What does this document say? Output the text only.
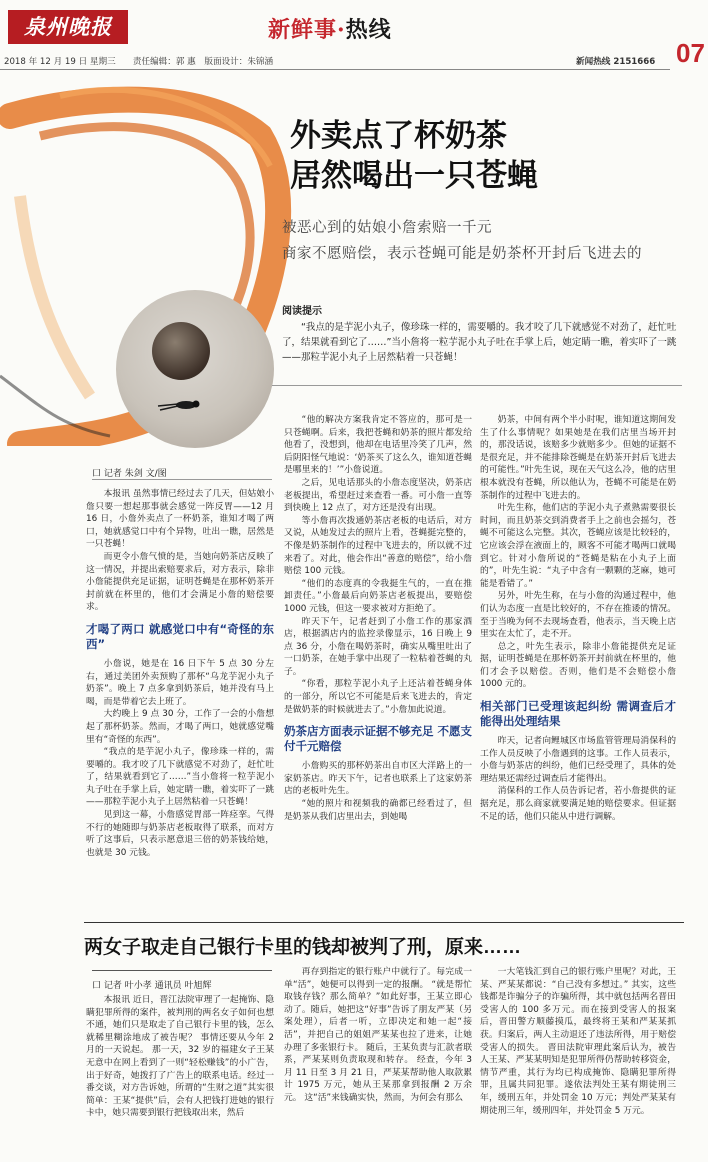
泉州晚报	新鲜事·热线
07
2018 年 12 月 19 日 星期三　　责任编辑：郭 惠　版面设计：朱锦涵	新闻热线 2151666
外卖点了杯奶茶
居然喝出一只苍蝇
被恶心到的姑娘小詹索赔一千元
商家不愿赔偿，表示苍蝇可能是奶茶杯开封后飞进去的
阅读提示
“我点的是芋泥小丸子，像珍珠一样的，需要嚼的。我才咬了几下就感觉不对劲了，赶忙吐了，结果就看到它了……”当小詹将一粒芋泥小丸子吐在手掌上后，她定睛一瞧，着实吓了一跳——那粒芋泥小丸子上居然粘着一只苍蝇！
口 记者 朱剑 文/图

本报讯 虽然事情已经过去了几天，但姑娘小詹只要一想起那事就会感觉一阵反胃——12 月 16 日，小詹外卖点了一杯奶茶，谁知才喝了两口，她就感觉口中有个异物，吐出一瞧，居然是一只苍蝇！

而更令小詹气愤的是，当她向奶茶店反映了这一情况，并提出索赔要求后，对方表示，除非小詹能提供充足证据，证明苍蝇是在那杯奶茶开封前就在杯里的，他们才会满足小詹的赔偿要求。

才喝了两口 就感觉口中有“奇怪的东西”

小詹说，她是在 16 日下午 5 点 30 分左右，通过美团外卖预购了那杯“乌龙芋泥小丸子奶茶”。晚上 7 点多拿到奶茶后，她并没有马上喝，而是带着它去上班了。

大约晚上 9 点 30 分，工作了一会的小詹想起了那杯奶茶。然而，才喝了两口，她就感觉嘴里有“奇怪的东西”。

“我点的是芋泥小丸子，像珍珠一样的，需要嚼的。我才咬了几下就感觉不对劲了，赶忙吐了，结果就看到它了……”当小詹将一粒芋泥小丸子吐在手掌上后，她定睛一瞧，着实吓了一跳——那粒芋泥小丸子上居然粘着一只苍蝇！

见到这一幕，小詹感觉胃部一阵痉挛。气得不行的她随即与奶茶店老板取得了联系，而对方听了这事后，只表示愿意退三倍的奶茶钱给她，也就是 30 元钱。

“他的解决方案我肯定不答应的，那可是一只苍蝇啊。后来，我把苍蝇和奶茶的照片都发给他看了，没想到，他却在电话里冷笑了几声，然后阴阳怪气地说：‘奶茶买了这么久，谁知道苍蝇是哪里来的！’”小詹说道。

之后，见电话那头的小詹态度坚决，奶茶店老板提出，希望赶过来查看一番。可小詹一直等到快晚上 12 点了，对方还是没有出现。

等小詹再次拨通奶茶店老板的电话后，对方又说，从她发过去的照片上看，苍蝇挺完整的，不像是奶茶制作的过程中飞进去的，所以就不过来看了。对此，他会作出“善意的赔偿”，给小詹赔偿 100 元钱。

“他们的态度真的令我挺生气的，一直在推卸责任。”小詹最后向奶茶店老板提出，要赔偿 1000 元钱，但这一要求被对方拒绝了。

昨天下午，记者赶到了小詹工作的那家酒店，根据酒店内的监控录像显示，16 日晚上 9 点 36 分，小詹在喝奶茶时，确实从嘴里吐出了一口奶茶，在她手掌中出现了一粒粘着苍蝇的丸子。

“你看，那粒芋泥小丸子上还沾着苍蝇身体的一部分，所以它不可能是后来飞进去的，肯定是做奶茶的时候就进去了。”小詹加此说道。

奶茶店方面表示证据不够充足 不愿支付千元赔偿

小詹购买的那杯奶茶出自市区大洋路上的一家奶茶店。昨天下午，记者也联系上了这家奶茶店的老板叶先生。

“她的照片和视频我的确都已经看过了，但是奶茶从我们店里出去，到她喝

奶茶，中间有两个半小时呢，谁知道这期间发生了什么事情呢？如果她是在我们店里当场开封的，那没话说，该赔多少就赔多少。但她的证据不是很充足，并不能排除苍蝇是在奶茶开封后飞进去的可能性。”叶先生说，现在天气这么冷，他的店里根本就没有苍蝇，所以他认为，苍蝇不可能是在奶茶制作的过程中飞进去的。

叶先生称，他们店的芋泥小丸子煮熟需要很长时间，而且奶茶交到消费者手上之前也会摇匀，苍蝇不可能这么完整。其次，苍蝇应该是比较轻的，它应该会浮在液面上的，顾客不可能才喝两口就喝到它。针对小詹所说的“苍蝇是粘在小丸子上面的”，叶先生说：“丸子中含有一颗颗的芝麻，她可能是看错了。”

另外，叶先生称，在与小詹的沟通过程中，他们认为态度一直是比较好的，不存在推诿的情况。至于当晚为何不去现场查看，他表示，当天晚上店里实在太忙了，走不开。

总之，叶先生表示，除非小詹能提供充足证据，证明苍蝇是在那杯奶茶开封前就在杯里的，他们才会予以赔偿。否则，他们是不会赔偿小詹 1000 元的。

相关部门已受理该起纠纷 需调查后才能得出处理结果

昨天，记者向鲤城区市场监管管理局消保科的工作人员反映了小詹遇到的这事。工作人员表示，小詹与奶茶店的纠纷，他们已经受理了，具体的处理结果还需经过调查后才能得出。

消保科的工作人员告诉记者，若小詹提供的证据充足，那么商家就要满足她的赔偿要求。但证据不足的话，他们只能从中进行调解。

两女子取走自己银行卡里的钱却被判了刑，原来……
口 记者 叶小孝 通讯员 叶旭辉
本报讯 近日，晋江法院审理了一起掩饰、隐瞒犯罪所得的案件，被判刑的两名女子如何也想不通，她们只是取走了自己银行卡里的钱，怎么就稀里糊涂地成了被告呢？ 事情还要从今年 2 月的一天说起。 那一天，32 岁的福建女子王某无意中在网上看到了一则“轻松赚钱”的小广告，出于好奇，她拨打了广告上的联系电话。经过一番交谈，对方告诉她，所谓的“生财之道”其实很简单：王某“提供”后，会有人把钱打进她的银行卡中，她只需要到银行把钱取出来，然后
再存到指定的银行账户中就行了。每完成一单“活”，她便可以得到一定的报酬。 “就是帮忙取钱存钱？那么简单？”如此好事，王某立即心动了。随后，她把这“好事”告诉了朋友严某（另案处理），后者一听，立即决定和她一起“接活”，并把自己的姐姐严某某也拉了进来，让她办理了多张银行卡。 随后，王某负责与汇款者联系，严某某则负责取现和转存。 经查，今年 3 月 11 日至 3 月 21 日，严某某帮助他人取款累计 1975 万元，她从王某那拿到报酬 2 万余元。 这“活”来钱确实快，然而，为何会有那么
一大笔钱汇到自己的银行账户里呢？对此，王某、严某某都说：“自己没有多想过。” 其实，这些钱都是诈骗分子的诈骗所得，其中就包括两名晋田受害人的 100 多万元。而在接到受害人的报案后，晋田警方顺藤摸瓜，最终将王某和严某某抓获。归案后，两人主动退还了违法所得，用于赔偿受害人的损失。 晋田法院审理此案后认为，被告人王某、严某某明知是犯罪所得仍帮助转移资金，情节严重，其行为均已构成掩饰、隐瞒犯罪所得罪，且属共同犯罪。遂依法判处王某有期徒刑三年，缓刑五年，并处罚金 10 万元；判处严某某有期徒刑三年，缓刑四年，并处罚金 5 万元。
